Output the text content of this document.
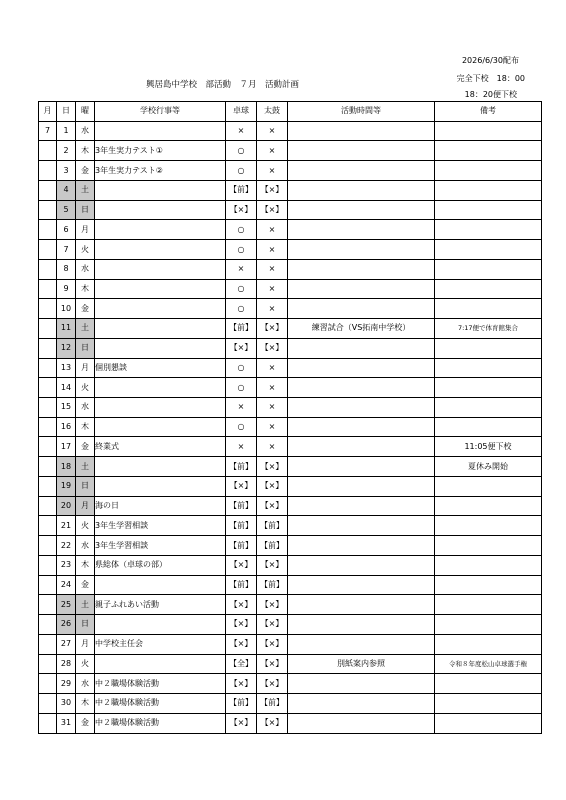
2026/6/30配布
興居島中学校　部活動　７月　活動計画
完全下校　18：00
18：20便下校
月	日	曜	学校行事等	卓球	太鼓	活動時間等	備考
7	1	水		×	×		
	2	木	3年生実力テスト①	○	×		
	3	金	3年生実力テスト②	○	×		
	4	土		【前】	【×】		
	5	日		【×】	【×】		
	6	月		○	×		
	7	火		○	×		
	8	水		×	×		
	9	木		○	×		
	10	金		○	×		
	11	土		【前】	【×】	練習試合（VS拓南中学校）	7:17便で体育館集合
	12	日		【×】	【×】		
	13	月	個別懇談	○	×		
	14	火		○	×		
	15	水		×	×		
	16	木		○	×		
	17	金	終業式	×	×		11:05便下校
	18	土		【前】	【×】		夏休み開始
	19	日		【×】	【×】		
	20	月	海の日	【前】	【×】		
	21	火	3年生学習相談	【前】	【前】		
	22	水	3年生学習相談	【前】	【前】		
	23	木	県総体（卓球の部）	【×】	【×】		
	24	金		【前】	【前】		
	25	土	親子ふれあい活動	【×】	【×】		
	26	日		【×】	【×】		
	27	月	中学校主任会	【×】	【×】		
	28	火		【全】	【×】	別紙案内参照	令和８年度松山卓球選手権
	29	水	中２職場体験活動	【×】	【×】		
	30	木	中２職場体験活動	【前】	【前】		
	31	金	中２職場体験活動	【×】	【×】		
